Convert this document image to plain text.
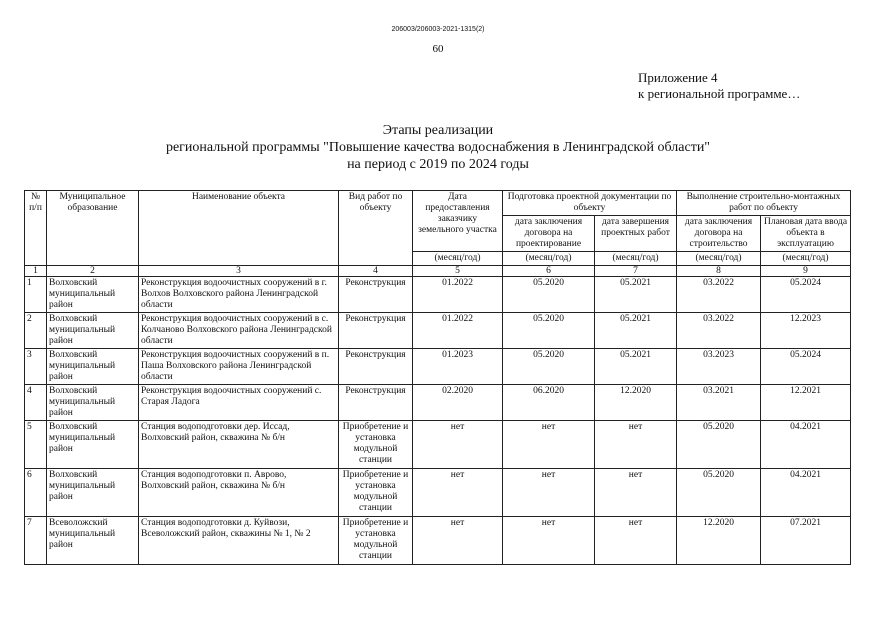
206003/206003-2021-1315(2)
60
Приложение 4
к региональной программе…
Этапы реализации
региональной программы "Повышение качества водоснабжения в Ленинградской области"
на период с 2019 по 2024 годы
№ п/п	Муниципальное образование	Наименование объекта	Вид работ по объекту	Дата предоставления заказчику земельного участка	Подготовка проектной документации по объекту		Выполнение строительно-монтажных работ по объекту	
					дата заключения договора на проектирование	дата завершения проектных работ	дата заключения договора на строительство	Плановая дата ввода объекта в эксплуатацию
				(месяц/год)	(месяц/год)	(месяц/год)	(месяц/год)	(месяц/год)
1	2	3	4	5	6	7	8	9
1	Волховский муниципальный район	Реконструкция водоочистных сооружений в г. Волхов Волховского района Ленинградской области	Реконструкция	01.2022	05.2020	05.2021	03.2022	05.2024
2	Волховский муниципальный район	Реконструкция водоочистных сооружений в с. Колчаново Волховского района Ленинградской области	Реконструкция	01.2022	05.2020	05.2021	03.2022	12.2023
3	Волховский муниципальный район	Реконструкция водоочистных сооружений в п. Паша Волховского района Ленинградской области	Реконструкция	01.2023	05.2020	05.2021	03.2023	05.2024
4	Волховский муниципальный район	Реконструкция водоочистных сооружений с. Старая Ладога	Реконструкция	02.2020	06.2020	12.2020	03.2021	12.2021
5	Волховский муниципальный район	Станция водоподготовки дер. Иссад, Волховский район, скважина № б/н	Приобретение и установка модульной станции	нет	нет	нет	05.2020	04.2021
6	Волховский муниципальный район	Станция водоподготовки п. Аврово, Волховский район, скважина № б/н	Приобретение и установка модульной станции	нет	нет	нет	05.2020	04.2021
7	Всеволожский муниципальный район	Станция водоподготовки д. Куйвози, Всеволожский район, скважины № 1, № 2	Приобретение и установка модульной станции	нет	нет	нет	12.2020	07.2021
